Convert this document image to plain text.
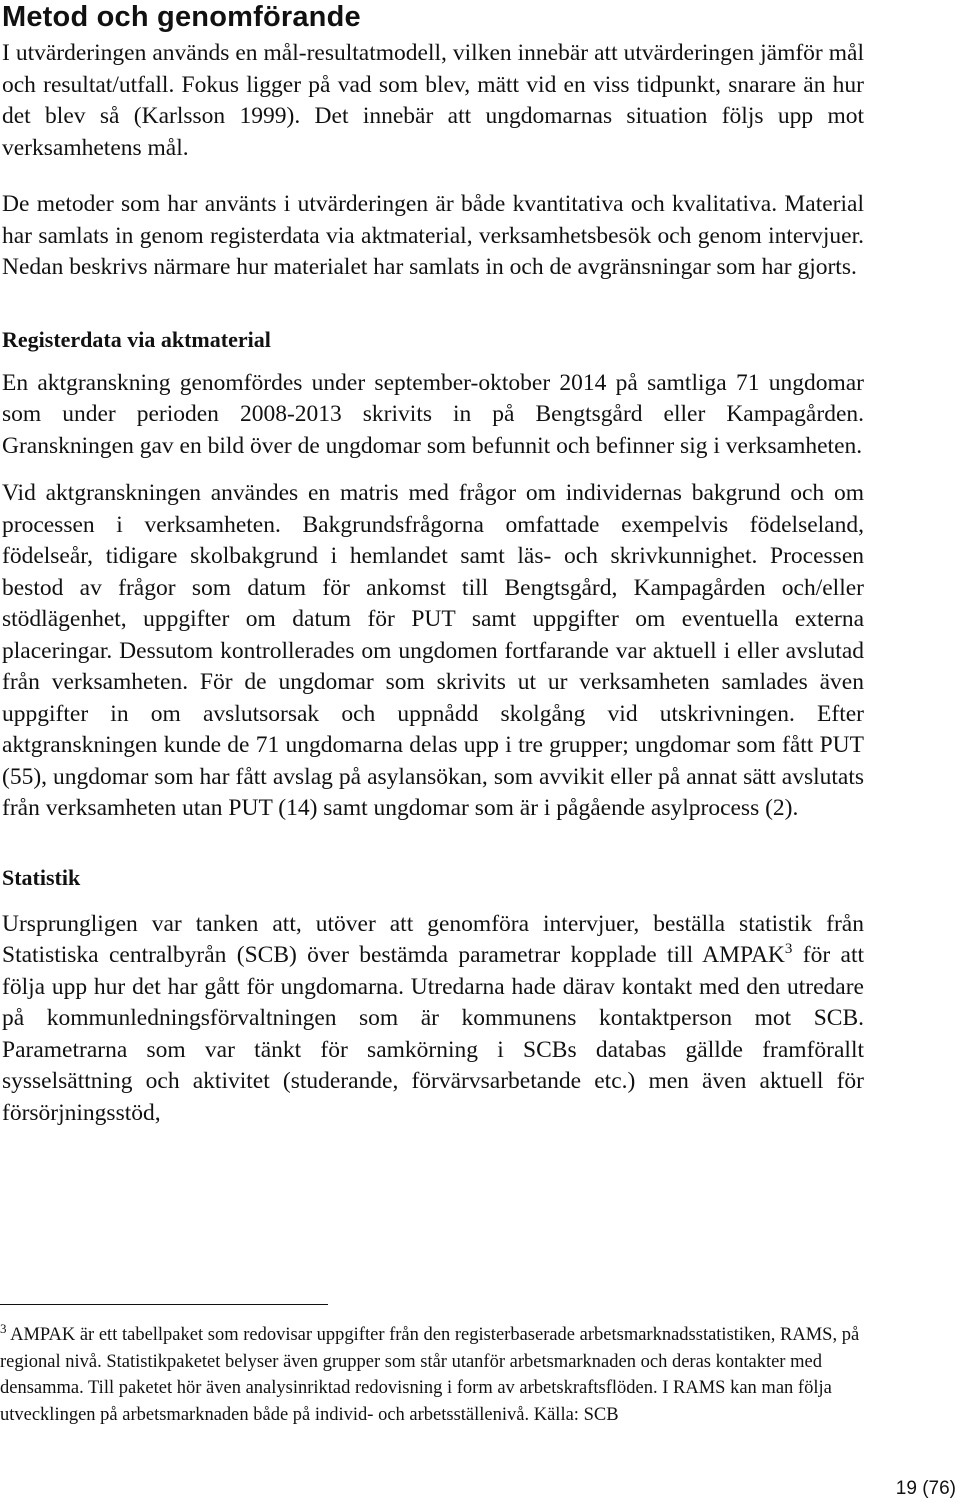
Metod och genomförande

I utvärderingen används en mål-resultatmodell, vilken innebär att utvärderingen jämför mål och resultat/utfall. Fokus ligger på vad som blev, mätt vid en viss tidpunkt, snarare än hur det blev så (Karlsson 1999). Det innebär att ungdomarnas situation följs upp mot verksamhetens mål.

De metoder som har använts i utvärderingen är både kvantitativa och kvalitativa. Material har samlats in genom registerdata via aktmaterial, verksamhetsbesök och genom intervjuer. Nedan beskrivs närmare hur materialet har samlats in och de avgränsningar som har gjorts.

Registerdata via aktmaterial

En aktgranskning genomfördes under september-oktober 2014 på samtliga 71 ungdomar som under perioden 2008-2013 skrivits in på Bengtsgård eller Kampagården. Granskningen gav en bild över de ungdomar som befunnit och befinner sig i verksamheten.

Vid aktgranskningen användes en matris med frågor om individernas bakgrund och om processen i verksamheten. Bakgrundsfrågorna omfattade exempelvis födelseland, födelseår, tidigare skolbakgrund i hemlandet samt läs- och skrivkunnighet. Processen bestod av frågor som datum för ankomst till Bengtsgård, Kampagården och/eller stödlägenhet, uppgifter om datum för PUT samt uppgifter om eventuella externa placeringar. Dessutom kontrollerades om ungdomen fortfarande var aktuell i eller avslutad från verksamheten. För de ungdomar som skrivits ut ur verksamheten samlades även uppgifter in om avslutsorsak och uppnådd skolgång vid utskrivningen. Efter aktgranskningen kunde de 71 ungdomarna delas upp i tre grupper; ungdomar som fått PUT (55), ungdomar som har fått avslag på asylansökan, som avvikit eller på annat sätt avslutats från verksamheten utan PUT (14) samt ungdomar som är i pågående asylprocess (2).

Statistik

Ursprungligen var tanken att, utöver att genomföra intervjuer, beställa statistik från Statistiska centralbyrån (SCB) över bestämda parametrar kopplade till AMPAK$^3$ för att följa upp hur det har gått för ungdomarna. Utredarna hade därav kontakt med den utredare på kommunledningsförvaltningen som är kommunens kontaktperson mot SCB. Parametrarna som var tänkt för samkörning i SCBs databas gällde framförallt sysselsättning och aktivitet (studerande, förvärvsarbetande etc.) men även aktuell för försörjningsstöd,

$^3$ AMPAK är ett tabellpaket som redovisar uppgifter från den registerbaserade arbetsmarknadsstatistiken, RAMS, på regional nivå. Statistikpaketet belyser även grupper som står utanför arbetsmarknaden och deras kontakter med densamma. Till paketet hör även analysinriktad redovisning i form av arbetskraftsflöden. I RAMS kan man följa utvecklingen på arbetsmarknaden både på individ- och arbetsställenivå. Källa: SCB
19 (76)
